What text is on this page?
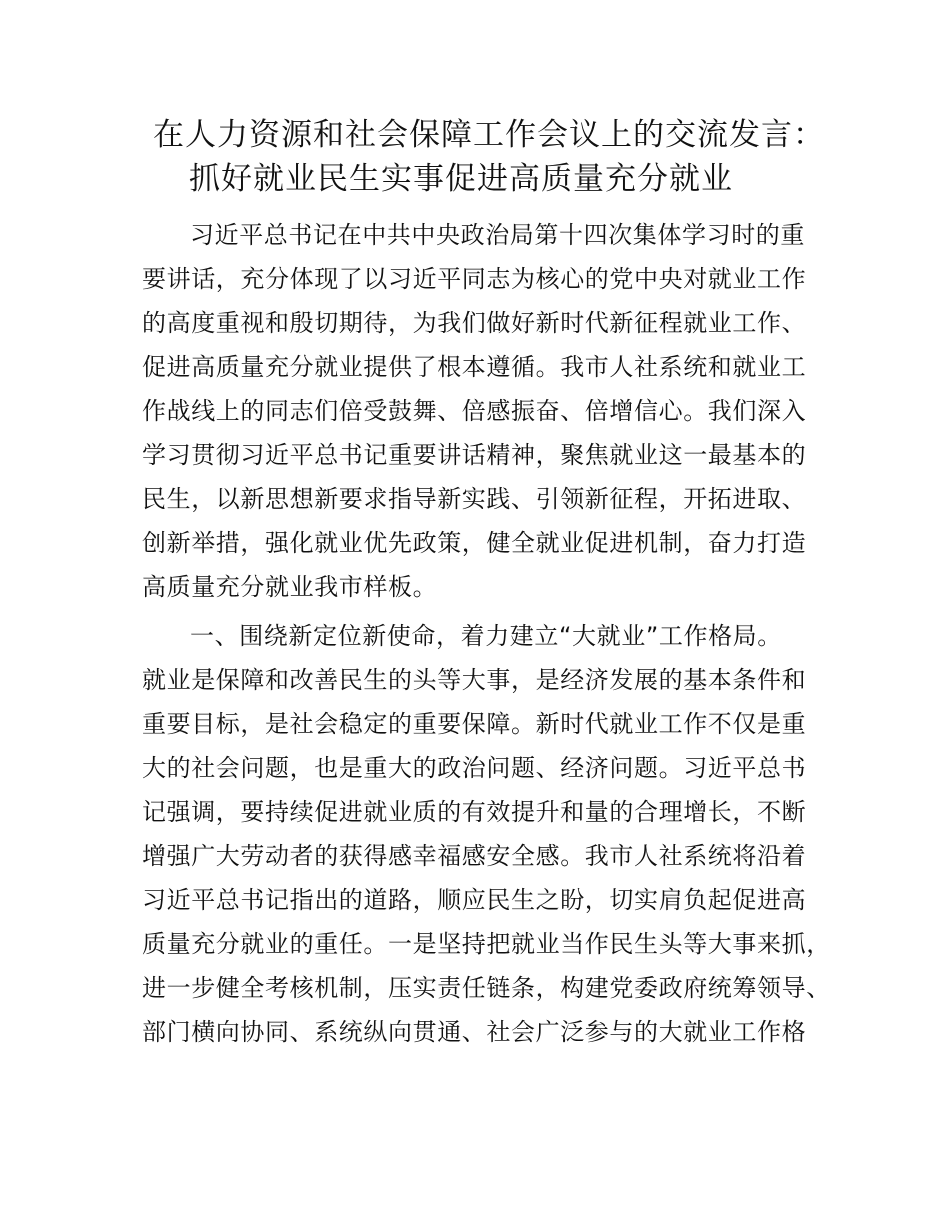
在人力资源和社会保障工作会议上的交流发言：
抓好就业民生实事促进高质量充分就业
习近平总书记在中共中央政治局第十四次集体学习时的重
要讲话，充分体现了以习近平同志为核心的党中央对就业工作
的高度重视和殷切期待，为我们做好新时代新征程就业工作、
促进高质量充分就业提供了根本遵循。我市人社系统和就业工
作战线上的同志们倍受鼓舞、倍感振奋、倍增信心。我们深入
学习贯彻习近平总书记重要讲话精神，聚焦就业这一最基本的
民生，以新思想新要求指导新实践、引领新征程，开拓进取、
创新举措，强化就业优先政策，健全就业促进机制，奋力打造
高质量充分就业我市样板。
一、围绕新定位新使命，着力建立“大就业”工作格局。
就业是保障和改善民生的头等大事，是经济发展的基本条件和
重要目标，是社会稳定的重要保障。新时代就业工作不仅是重
大的社会问题，也是重大的政治问题、经济问题。习近平总书
记强调，要持续促进就业质的有效提升和量的合理增长，不断
增强广大劳动者的获得感幸福感安全感。我市人社系统将沿着
习近平总书记指出的道路，顺应民生之盼，切实肩负起促进高
质量充分就业的重任。一是坚持把就业当作民生头等大事来抓，
进一步健全考核机制，压实责任链条，构建党委政府统筹领导、
部门横向协同、系统纵向贯通、社会广泛参与的大就业工作格
